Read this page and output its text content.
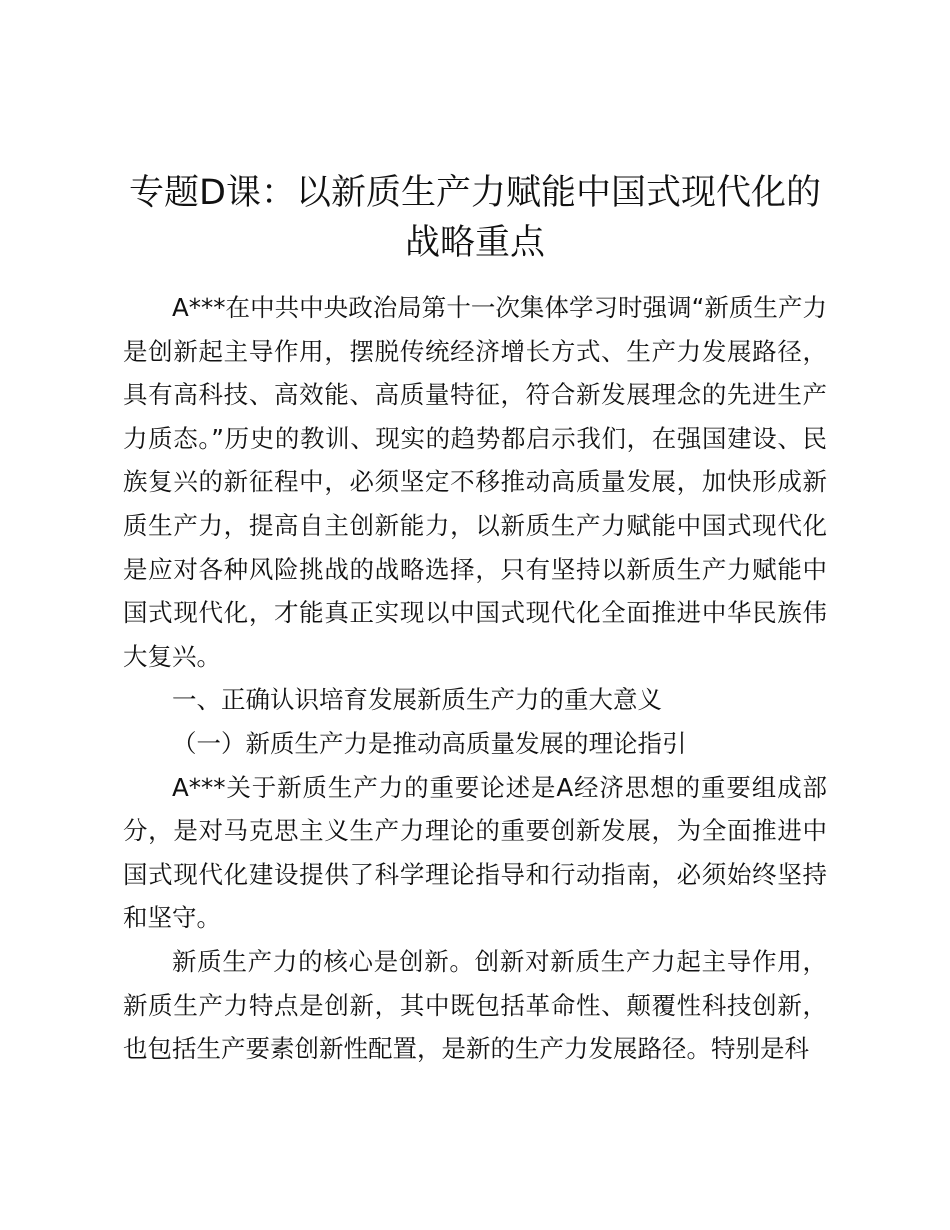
专题D课：以新质生产力赋能中国式现代化的
战略重点

A***在中共中央政治局第十一次集体学习时强调“新质生产力是创新起主导作用，摆脱传统经济增长方式、生产力发展路径，具有高科技、高效能、高质量特征，符合新发展理念的先进生产力质态。”历史的教训、现实的趋势都启示我们，在强国建设、民族复兴的新征程中，必须坚定不移推动高质量发展，加快形成新质生产力，提高自主创新能力，以新质生产力赋能中国式现代化是应对各种风险挑战的战略选择，只有坚持以新质生产力赋能中国式现代化，才能真正实现以中国式现代化全面推进中华民族伟大复兴。

一、正确认识培育发展新质生产力的重大意义

（一）新质生产力是推动高质量发展的理论指引

A***关于新质生产力的重要论述是A经济思想的重要组成部分，是对马克思主义生产力理论的重要创新发展，为全面推进中国式现代化建设提供了科学理论指导和行动指南，必须始终坚持和坚守。

新质生产力的核心是创新。创新对新质生产力起主导作用，新质生产力特点是创新，其中既包括革命性、颠覆性科技创新，也包括生产要素创新性配置，是新的生产力发展路径。特别是科
